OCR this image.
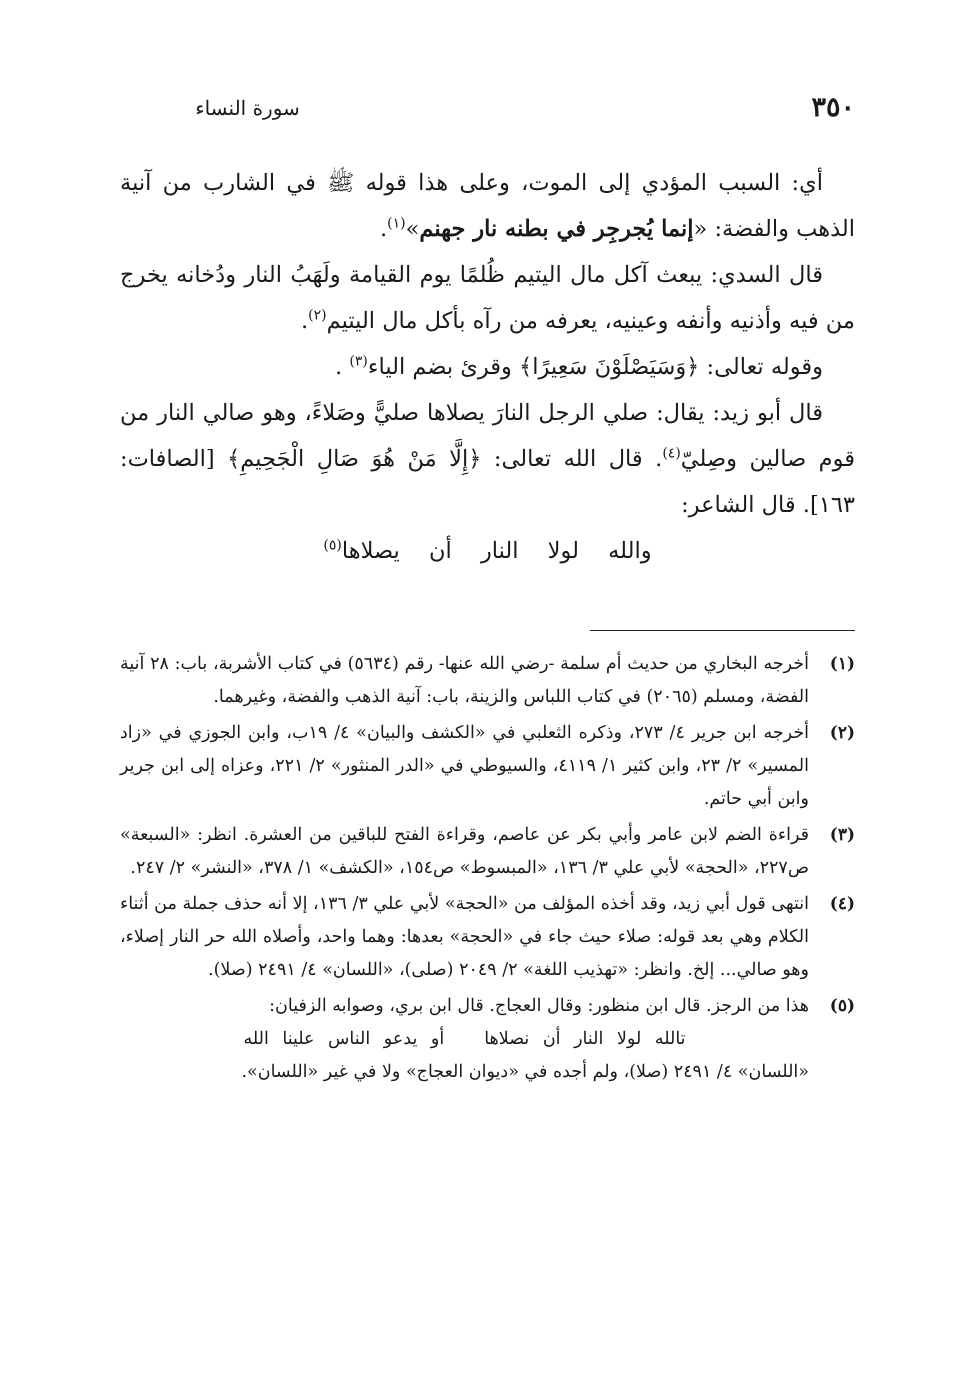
٣٥٠
سورة النساء

أي: السبب المؤدي إلى الموت، وعلى هذا قوله ﷺ في الشارب من آنية الذهب والفضة: «إنما يُجرجِر في بطنه نار جهنم»$^{(١)}$.

قال السدي: يبعث آكل مال اليتيم ظُلمًا يوم القيامة ولَهَبُ النار ودُخانه يخرج من فيه وأذنيه وأنفه وعينيه، يعرفه من رآه بأكل مال اليتيم$^{(٢)}$.

وقوله تعالى: ﴿وَسَيَصْلَوْنَ سَعِيرًا﴾ وقرئ بضم الياء$^{(٣)}$ .

قال أبو زيد: يقال: صلي الرجل النارَ يصلاها صليًّ وصَلاءً، وهو صالي النار من قوم صالين وصِليّ$^{(٤)}$. قال الله تعالى: ﴿إِلَّا مَنْ هُوَ صَالِ الْجَحِيمِ﴾ [الصافات: ١٦٣]. قال الشاعر:

والله لولا النار أن يصلاها$^{(٥)}$

(١)

أخرجه البخاري من حديث أم سلمة -رضي الله عنها- رقم (٥٦٣٤) في كتاب الأشربة، باب: ٢٨ آنية الفضة، ومسلم (٢٠٦٥) في كتاب اللباس والزينة، باب: آنية الذهب والفضة، وغيرهما.

(٢)

أخرجه ابن جرير ٤/ ٢٧٣، وذكره الثعلبي في «الكشف والبيان» ٤/ ١٩ب، وابن الجوزي في «زاد المسير» ٢/ ٢٣، وابن كثير ١/ ٤١١٩، والسيوطي في «الدر المنثور» ٢/ ٢٢١، وعزاه إلى ابن جرير وابن أبي حاتم.

(٣)

قراءة الضم لابن عامر وأبي بكر عن عاصم، وقراءة الفتح للباقين من العشرة. انظر: «السبعة» ص٢٢٧، «الحجة» لأبي علي ٣/ ١٣٦، «المبسوط» ص١٥٤، «الكشف» ١/ ٣٧٨، «النشر» ٢/ ٢٤٧.

(٤)

انتهى قول أبي زيد، وقد أخذه المؤلف من «الحجة» لأبي علي ٣/ ١٣٦، إلا أنه حذف جملة من أثناء الكلام وهي بعد قوله: صلاء حيث جاء في «الحجة» بعدها: وهما واحد، وأصلاه الله حر النار إصلاء، وهو صالي... إلخ. وانظر: «تهذيب اللغة» ٢/ ٢٠٤٩ (صلى)، «اللسان» ٤/ ٢٤٩١ (صلا).

(٥)

هذا من الرجز. قال ابن منظور: وقال العجاج. قال ابن بري، وصوابه الزفيان:

تالله لولا النار أن نصلاهاأو يدعو الناس علينا الله

«اللسان» ٤/ ٢٤٩١ (صلا)، ولم أجده في «ديوان العجاج» ولا في غير «اللسان».
